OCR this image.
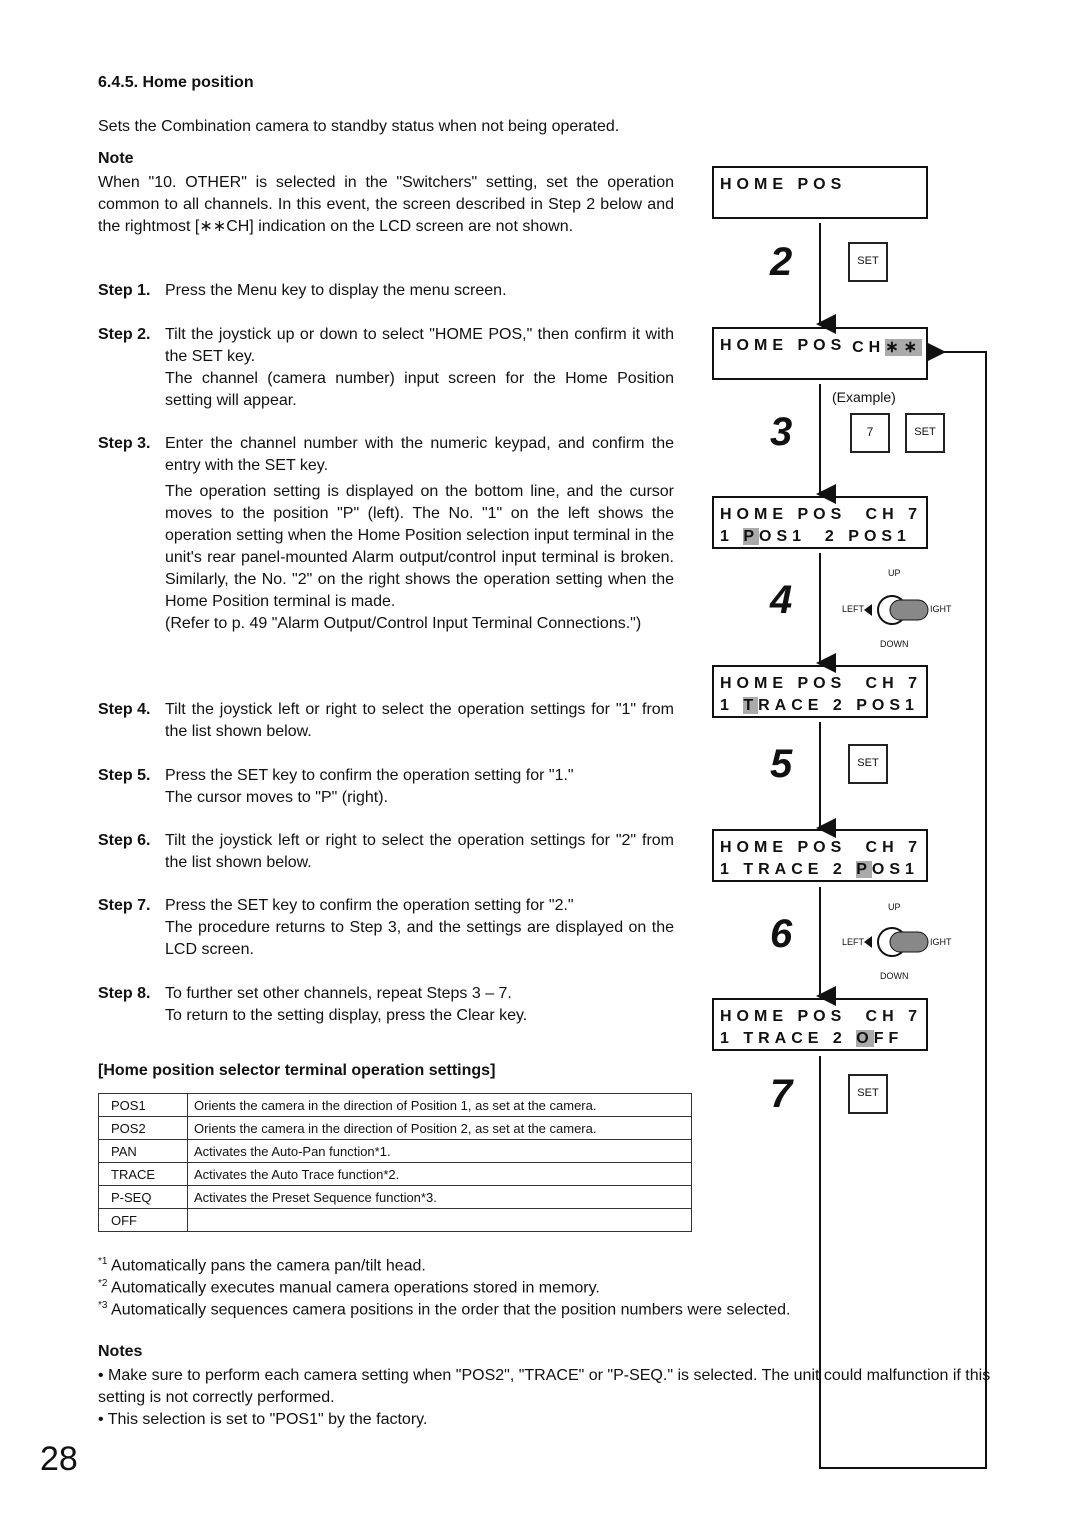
6.4.5. Home position
Sets the Combination camera to standby status when not being operated.
Note
When "10. OTHER" is selected in the "Switchers" setting, set the operation common to all channels. In this event, the screen described in Step 2 below and the rightmost [∗∗CH] indication on the LCD screen are not shown.
Step 1. Press the Menu key to display the menu screen.

Step 2. Tilt the joystick up or down to select "HOME POS," then confirm it with the SET key.

The channel (camera number) input screen for the Home Position setting will appear.

Step 3. Enter the channel number with the numeric keypad, and confirm the entry with the SET key.

The operation setting is displayed on the bottom line, and the cursor moves to the position "P" (left). The No. "1" on the left shows the operation setting when the Home Position selection input terminal in the unit's rear panel-mounted Alarm output/control input terminal is broken. Similarly, the No. "2" on the right shows the operation setting when the Home Position terminal is made.

(Refer to p. 49 "Alarm Output/Control Input Terminal Connections.")

Step 4. Tilt the joystick left or right to select the operation settings for "1" from the list shown below.

Step 5. Press the SET key to confirm the operation setting for "1."

The cursor moves to "P" (right).

Step 6. Tilt the joystick left or right to select the operation settings for "2" from the list shown below.

Step 7. Press the SET key to confirm the operation setting for "2."

The procedure returns to Step 3, and the settings are displayed on the LCD screen.

Step 8. To further set other channels, repeat Steps 3 – 7.

To return to the setting display, press the Clear key.

[Home position selector terminal operation settings]
POS1	Orients the camera in the direction of Position 1, as set at the camera.
POS2	Orients the camera in the direction of Position 2, as set at the camera.
PAN	Activates the Auto-Pan function*1.
TRACE	Activates the Auto Trace function*2.
P-SEQ	Activates the Preset Sequence function*3.
OFF	
$^{*1}$ Automatically pans the camera pan/tilt head.
$^{*2}$ Automatically executes manual camera operations stored in memory.
$^{*3}$ Automatically sequences camera positions in the order that the position numbers were selected.
Notes
• Make sure to perform each camera setting when "POS2", "TRACE" or "P-SEQ." is selected. The unit could malfunction if this setting is not correctly performed.
• This selection is set to "POS1" by the factory.
28
HOME POS
2	SET
HOME POS CH∗∗
(Example)
3	7	SET
HOME POS CH 7
1 POS1  2 POS1
4
UP
LEFT	IGHT
DOWN
HOME POS CH 7
1 TRACE 2 POS1
5	SET
HOME POS CH 7
1 TRACE 2 POS1
6
UP
LEFT	IGHT
DOWN
HOME POS CH 7
1 TRACE 2 OFF
7	SET
